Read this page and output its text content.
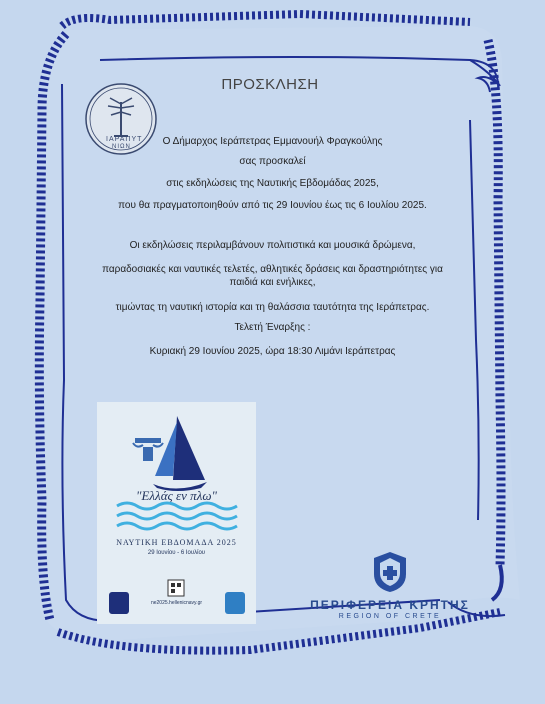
ΠΡΟΣΚΛΗΣΗ
ΙΑΡΑΠΥΤ
ΝΙΩΝ	Ο Δήμαρχος Ιεράπετρας Εμμανουήλ Φραγκούλης
σας προσκαλεί
στις εκδηλώσεις της Ναυτικής Εβδομάδας 2025,
που θα πραγματοποιηθούν από τις 29 Ιουνίου έως τις 6 Ιουλίου 2025.
Οι εκδηλώσεις περιλαμβάνουν πολιτιστικά και μουσικά δρώμενα,
παραδοσιακές και ναυτικές τελετές, αθλητικές δράσεις και δραστηριότητες για
παιδιά και ενήλικες,
τιμώντας τη ναυτική ιστορία και τη θαλάσσια ταυτότητα της Ιεράπετρας.
Τελετή Έναρξης :
Κυριακή 29 Ιουνίου 2025, ώρα 18:30 Λιμάνι Ιεράπετρας
"Ελλάς εν πλω"
ΝΑΥΤΙΚΗ ΕΒΔΟΜΑΔΑ 2025
29 Ιουνίου - 6 Ιουλίου
ne2025.hellenicnavy.gr	ΠΕΡΙΦΕΡΕΙΑ ΚΡΗΤΗΣ
REGION OF CRETE
